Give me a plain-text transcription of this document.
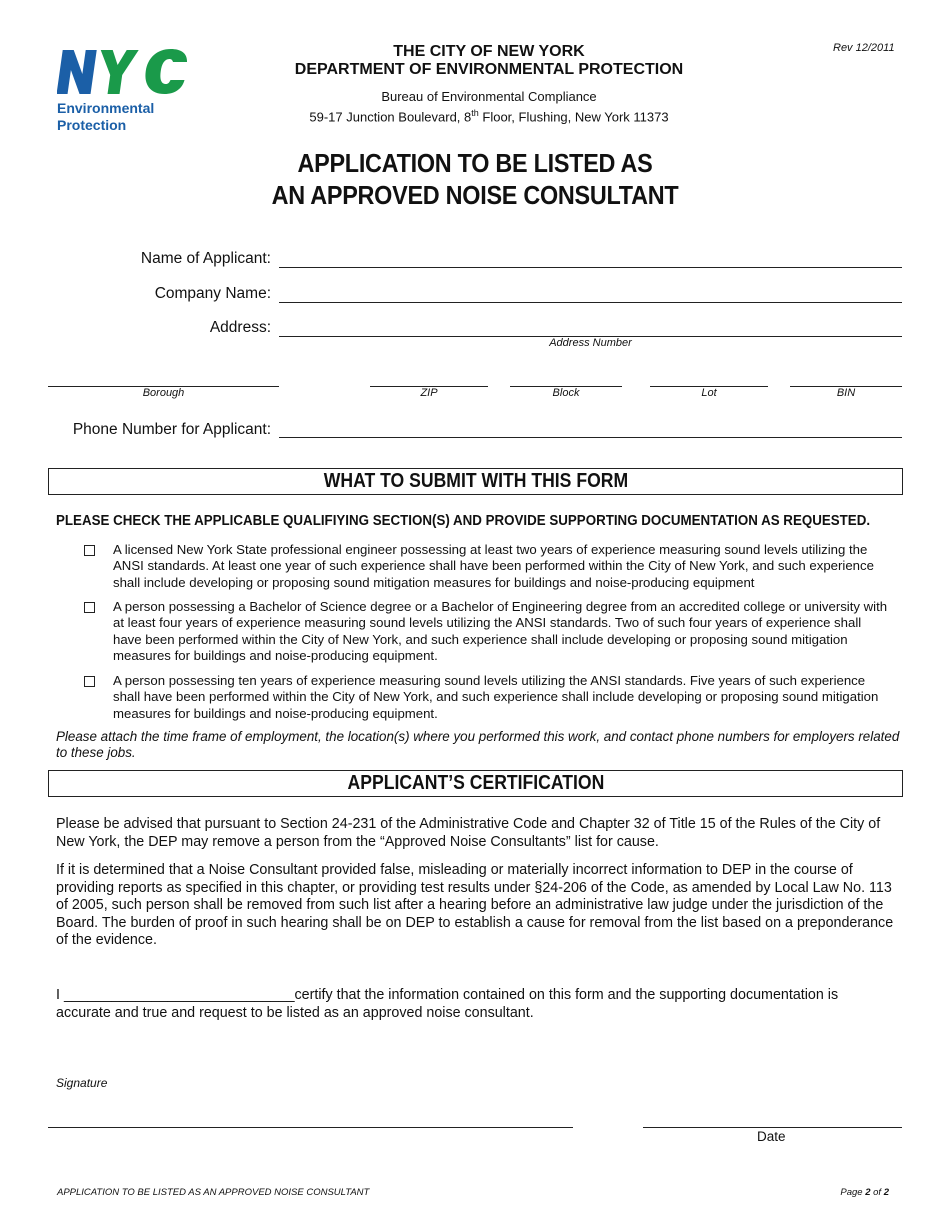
NYC
Environmental
Protection
THE CITY OF NEW YORK
DEPARTMENT OF ENVIRONMENTAL PROTECTION
Bureau of Environmental Compliance
59-17 Junction Boulevard, 8th Floor, Flushing, New York 11373
Rev 12/2011
APPLICATION TO BE LISTED AS
AN APPROVED NOISE CONSULTANT
Name of Applicant:
Company Name:
Address:
Address Number
Borough	ZIP	Block	Lot	BIN
Phone Number for Applicant:
WHAT TO SUBMIT WITH THIS FORM
PLEASE CHECK THE APPLICABLE QUALIFIYING SECTION(S) AND PROVIDE SUPPORTING DOCUMENTATION AS REQUESTED.
A licensed New York State professional engineer possessing at least two years of experience measuring sound levels utilizing the ANSI standards. At least one year of such experience shall have been performed within the City of New York, and such experience shall include developing or proposing sound mitigation measures for buildings and noise-producing equipment
A person possessing a Bachelor of Science degree or a Bachelor of Engineering degree from an accredited college or university with at least four years of experience measuring sound levels utilizing the ANSI standards. Two of such four years of experience shall have been performed within the City of New York, and such experience shall include developing or proposing sound mitigation measures for buildings and noise-producing equipment.
A person possessing ten years of experience measuring sound levels utilizing the ANSI standards. Five years of such experience shall have been performed within the City of New York, and such experience shall include developing or proposing sound mitigation measures for buildings and noise-producing equipment.
Please attach the time frame of employment, the location(s) where you performed this work, and contact phone numbers for employers related to these jobs.
APPLICANT’S CERTIFICATION
Please be advised that pursuant to Section 24-231 of the Administrative Code and Chapter 32 of Title 15 of the Rules of the City of New York, the DEP may remove a person from the “Approved Noise Consultants” list for cause.
If it is determined that a Noise Consultant provided false, misleading or materially incorrect information to DEP in the course of providing reports as specified in this chapter, or providing test results under §24-206 of the Code, as amended by Local Law No. 113 of 2005, such person shall be removed from such list after a hearing before an administrative law judge under the jurisdiction of the Board. The burden of proof in such hearing shall be on DEP to establish a cause for removal from the list based on a preponderance of the evidence.
I _____________________________certify that the information contained on this form and the supporting documentation is accurate and true and request to be listed as an approved noise consultant.
Signature
Date
APPLICATION TO BE LISTED AS AN APPROVED NOISE CONSULTANT	Page 2 of 2
